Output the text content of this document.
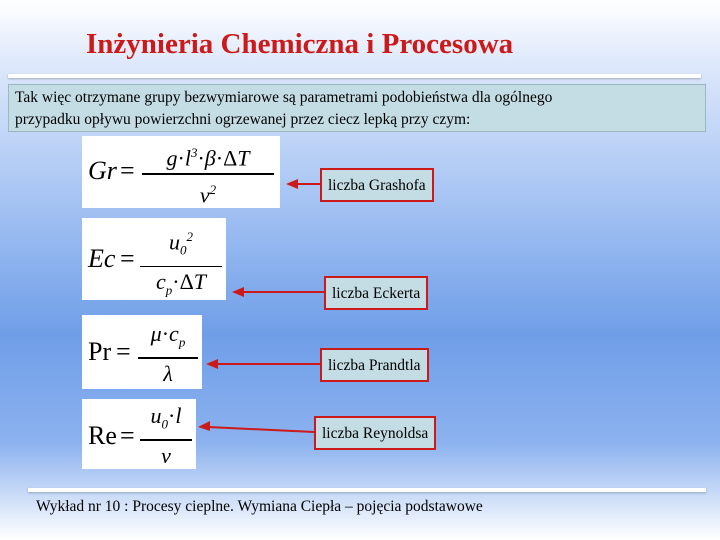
Inżynieria Chemiczna i Procesowa
Tak więc otrzymane grupy bezwymiarowe są parametrami podobieństwa dla ogólnego
przypadku opływu powierzchni ogrzewanej przez ciecz lepką przy czym:
Gr =	$g\cdot l^3\cdot\beta\cdot\Delta T$
$\nu^2$
Ec =
$u_0^2$
$c_p\cdot\Delta T$
Pr =
$\mu\cdot c_p$
λ
Re =
$u_0\cdot l$
ν
liczba Grashofa
liczba Eckerta
liczba Prandtla
liczba Reynoldsa
Wykład nr 10 : Procesy cieplne. Wymiana Ciepła – pojęcia podstawowe
